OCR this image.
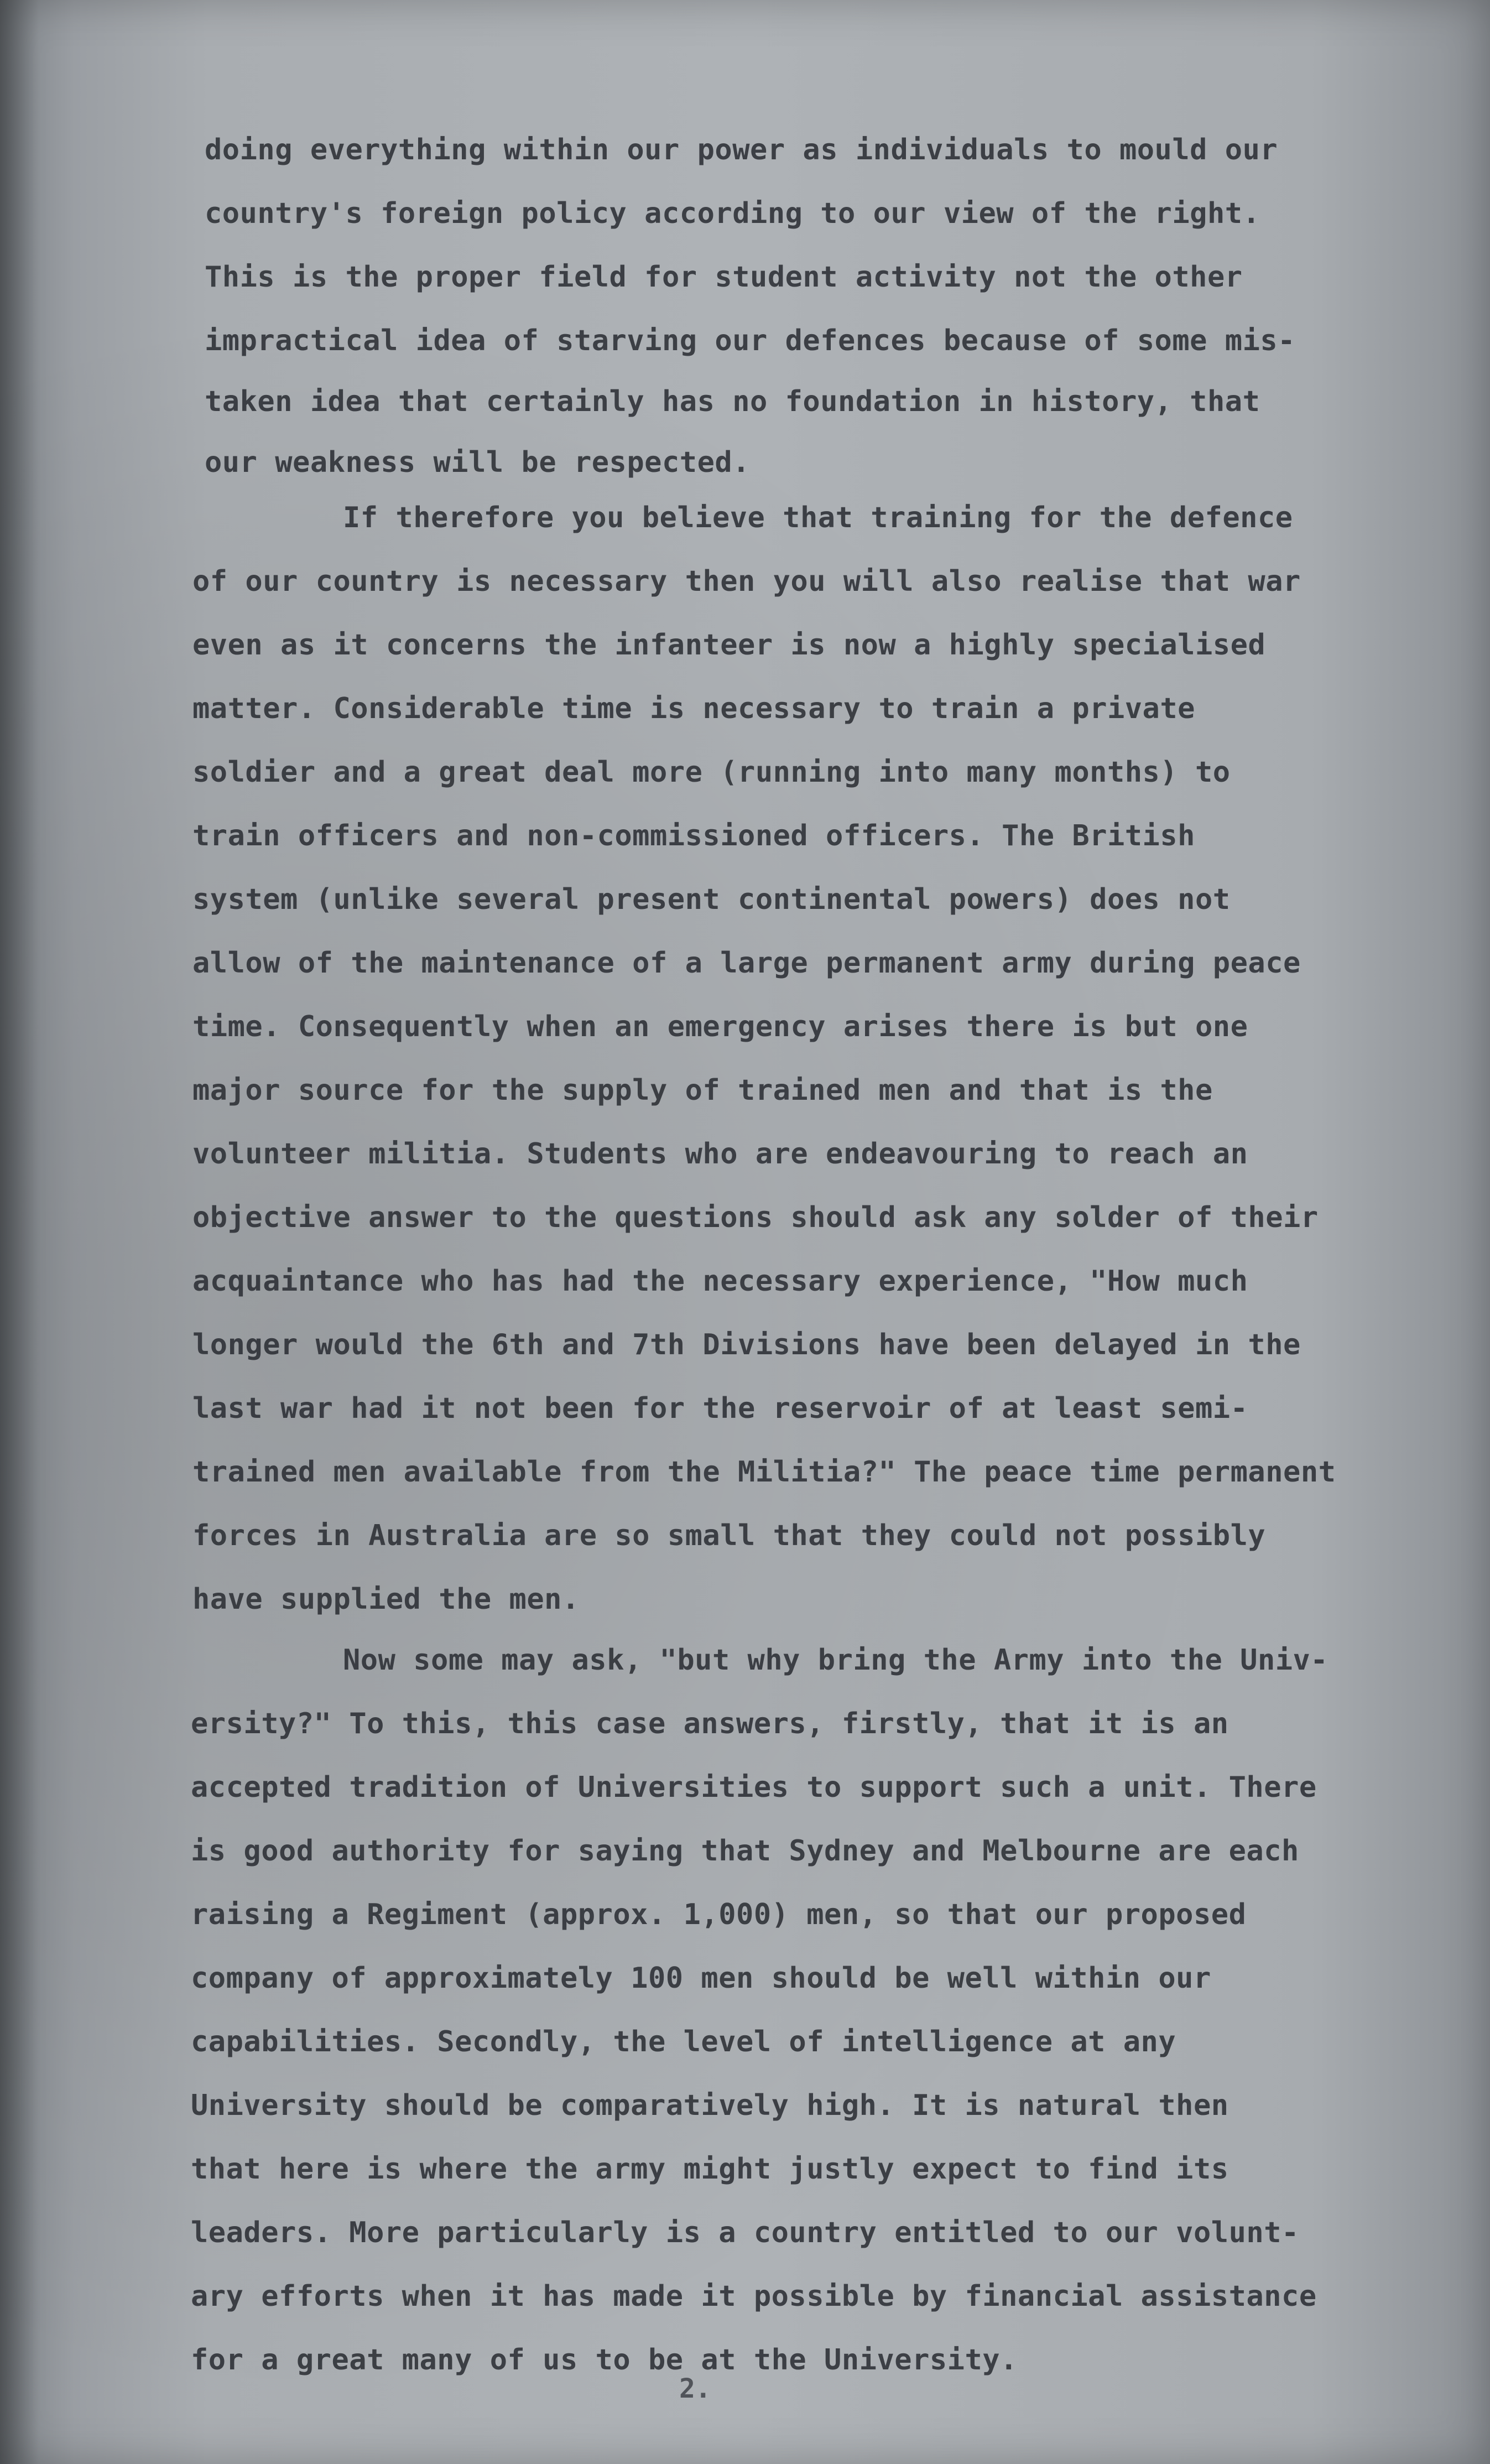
doing everything within our power as individuals to mould our
country's foreign policy according to our view of the right.
This is the proper field for student activity not the other
impractical idea of starving our defences because of some mis-
taken idea that certainly has no foundation in history, that
our weakness will be respected.
If therefore you believe that training for the defence
of our country is necessary then you will also realise that war
even as it concerns the infanteer is now a highly specialised
matter. Considerable time is necessary to train a private
soldier and a great deal more (running into many months) to
train officers and non-commissioned officers. The British
system (unlike several present continental powers) does not
allow of the maintenance of a large permanent army during peace
time. Consequently when an emergency arises there is but one
major source for the supply of trained men and that is the
volunteer militia. Students who are endeavouring to reach an
objective answer to the questions should ask any solder of their
acquaintance who has had the necessary experience, "How much
longer would the 6th and 7th Divisions have been delayed in the
last war had it not been for the reservoir of at least semi-
trained men available from the Militia?" The peace time permanent
forces in Australia are so small that they could not possibly
have supplied the men.
Now some may ask, "but why bring the Army into the Univ-
ersity?" To this, this case answers, firstly, that it is an
accepted tradition of Universities to support such a unit. There
is good authority for saying that Sydney and Melbourne are each
raising a Regiment (approx. 1,000) men, so that our proposed
company of approximately 100 men should be well within our
capabilities. Secondly, the level of intelligence at any
University should be comparatively high. It is natural then
that here is where the army might justly expect to find its
leaders. More particularly is a country entitled to our volunt-
ary efforts when it has made it possible by financial assistance
for a great many of us to be at the University.
2.
